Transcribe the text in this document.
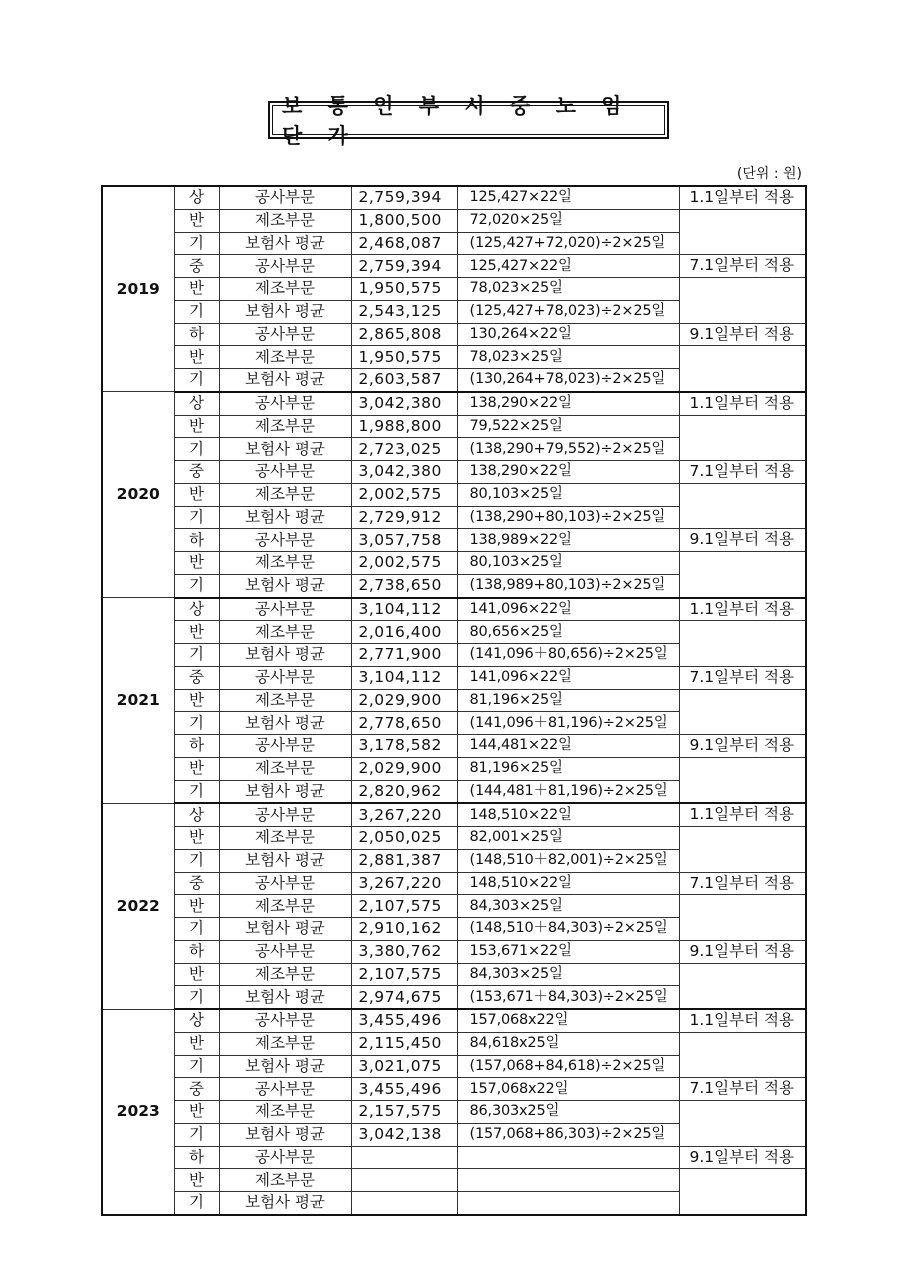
보 통 인 부 시 중 노 임 단 가
(단위 : 원)
2019	상	공사부문	2,759,394	125,427×22일	1.1일부터 적용
	반	제조부문	1,800,500	72,020×25일	
	기	보험사 평균	2,468,087	(125,427+72,020)÷2×25일	
	중	공사부문	2,759,394	125,427×22일	7.1일부터 적용
	반	제조부문	1,950,575	78,023×25일	
	기	보험사 평균	2,543,125	(125,427+78,023)÷2×25일	
	하	공사부문	2,865,808	130,264×22일	9.1일부터 적용
	반	제조부문	1,950,575	78,023×25일	
	기	보험사 평균	2,603,587	(130,264+78,023)÷2×25일	
2020	상	공사부문	3,042,380	138,290×22일	1.1일부터 적용
	반	제조부문	1,988,800	79,522×25일	
	기	보험사 평균	2,723,025	(138,290+79,552)÷2×25일	
	중	공사부문	3,042,380	138,290×22일	7.1일부터 적용
	반	제조부문	2,002,575	80,103×25일	
	기	보험사 평균	2,729,912	(138,290+80,103)÷2×25일	
	하	공사부문	3,057,758	138,989×22일	9.1일부터 적용
	반	제조부문	2,002,575	80,103×25일	
	기	보험사 평균	2,738,650	(138,989+80,103)÷2×25일	
2021	상	공사부문	3,104,112	141,096×22일	1.1일부터 적용
	반	제조부문	2,016,400	80,656×25일	
	기	보험사 평균	2,771,900	(141,096＋80,656)÷2×25일	
	중	공사부문	3,104,112	141,096×22일	7.1일부터 적용
	반	제조부문	2,029,900	81,196×25일	
	기	보험사 평균	2,778,650	(141,096＋81,196)÷2×25일	
	하	공사부문	3,178,582	144,481×22일	9.1일부터 적용
	반	제조부문	2,029,900	81,196×25일	
	기	보험사 평균	2,820,962	(144,481＋81,196)÷2×25일	
2022	상	공사부문	3,267,220	148,510×22일	1.1일부터 적용
	반	제조부문	2,050,025	82,001×25일	
	기	보험사 평균	2,881,387	(148,510＋82,001)÷2×25일	
	중	공사부문	3,267,220	148,510×22일	7.1일부터 적용
	반	제조부문	2,107,575	84,303×25일	
	기	보험사 평균	2,910,162	(148,510＋84,303)÷2×25일	
	하	공사부문	3,380,762	153,671×22일	9.1일부터 적용
	반	제조부문	2,107,575	84,303×25일	
	기	보험사 평균	2,974,675	(153,671＋84,303)÷2×25일	
2023	상	공사부문	3,455,496	157,068x22일	1.1일부터 적용
	반	제조부문	2,115,450	84,618x25일	
	기	보험사 평균	3,021,075	(157,068+84,618)÷2×25일	
	중	공사부문	3,455,496	157,068x22일	7.1일부터 적용
	반	제조부문	2,157,575	86,303x25일	
	기	보험사 평균	3,042,138	(157,068+86,303)÷2×25일	
	하	공사부문			9.1일부터 적용
	반	제조부문			
	기	보험사 평균			
